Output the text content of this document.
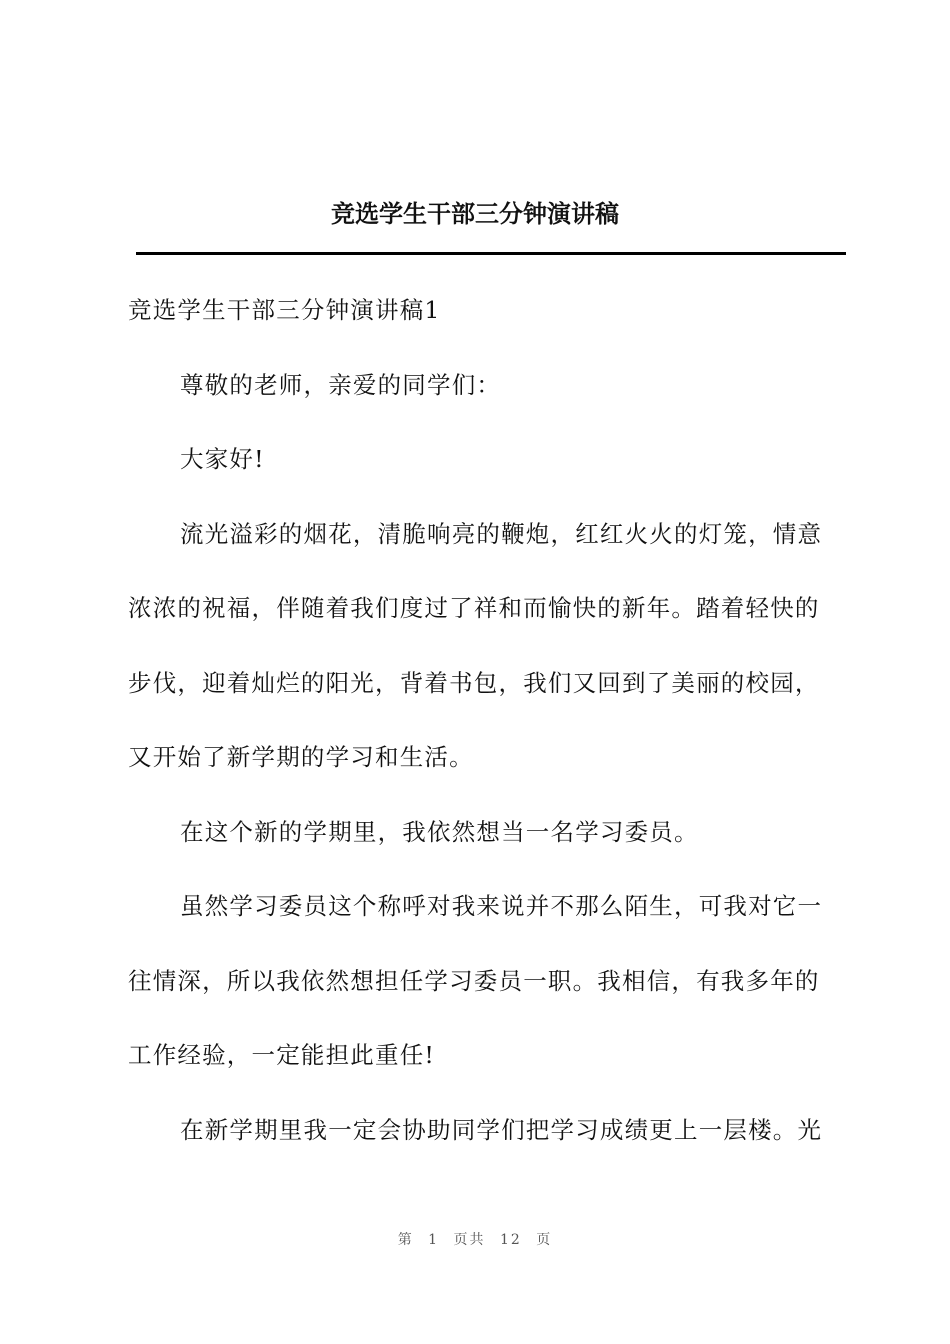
竞选学生干部三分钟演讲稿

竞选学生干部三分钟演讲稿1

尊敬的老师，亲爱的同学们：

大家好!

流光溢彩的烟花，清脆响亮的鞭炮，红红火火的灯笼，情意

浓浓的祝福，伴随着我们度过了祥和而愉快的新年。踏着轻快的

步伐，迎着灿烂的阳光，背着书包，我们又回到了美丽的校园，

又开始了新学期的学习和生活。

在这个新的学期里，我依然想当一名学习委员。

虽然学习委员这个称呼对我来说并不那么陌生，可我对它一

往情深，所以我依然想担任学习委员一职。我相信，有我多年的

工作经验，一定能担此重任!

在新学期里我一定会协助同学们把学习成绩更上一层楼。光

第 1 页共 12 页
